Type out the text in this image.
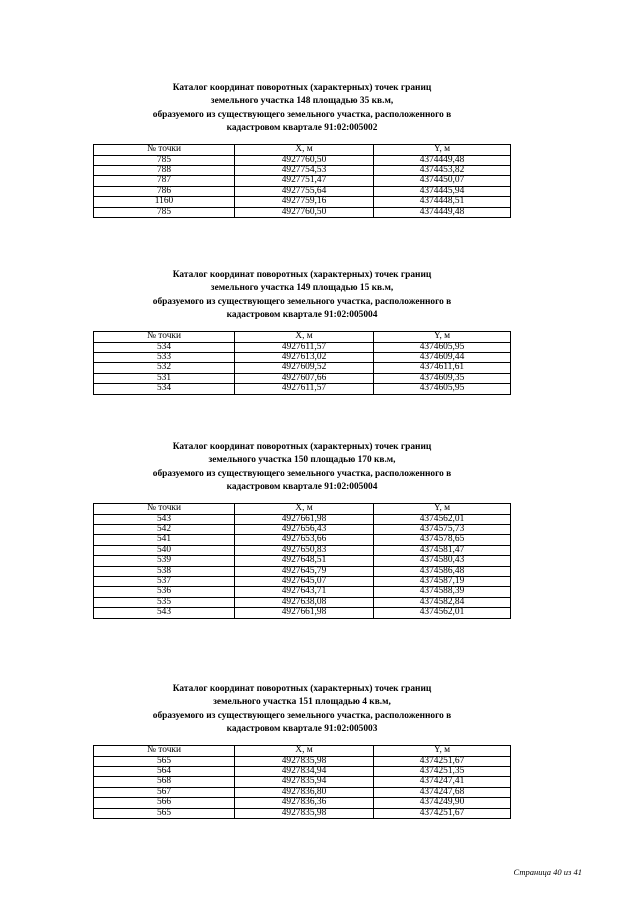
Каталог координат поворотных (характерных) точек границ
земельного участка 148 площадью 35 кв.м,
образуемого из существующего земельного участка, расположенного в
кадастровом квартале 91:02:005002
№ точки	X, м	Y, м
785	4927760,50	4374449,48
788	4927754,53	4374453,82
787	4927751,47	4374450,07
786	4927755,64	4374445,94
1160	4927759,16	4374448,51
785	4927760,50	4374449,48
Каталог координат поворотных (характерных) точек границ
земельного участка 149 площадью 15 кв.м,
образуемого из существующего земельного участка, расположенного в
кадастровом квартале 91:02:005004
№ точки	X, м	Y, м
534	4927611,57	4374605,95
533	4927613,02	4374609,44
532	4927609,52	4374611,61
531	4927607,66	4374609,35
534	4927611,57	4374605,95
Каталог координат поворотных (характерных) точек границ
земельного участка 150 площадью 170 кв.м,
образуемого из существующего земельного участка, расположенного в
кадастровом квартале 91:02:005004
№ точки	X, м	Y, м
543	4927661,98	4374562,01
542	4927656,43	4374575,73
541	4927653,66	4374578,65
540	4927650,83	4374581,47
539	4927648,51	4374580,43
538	4927645,79	4374586,48
537	4927645,07	4374587,19
536	4927643,71	4374588,39
535	4927638,08	4374582,84
543	4927661,98	4374562,01
Каталог координат поворотных (характерных) точек границ
земельного участка 151 площадью 4 кв.м,
образуемого из существующего земельного участка, расположенного в
кадастровом квартале 91:02:005003
№ точки	X, м	Y, м
565	4927835,98	4374251,67
564	4927834,94	4374251,35
568	4927835,94	4374247,41
567	4927836,80	4374247,68
566	4927836,36	4374249,90
565	4927835,98	4374251,67
Страница 40 из 41
